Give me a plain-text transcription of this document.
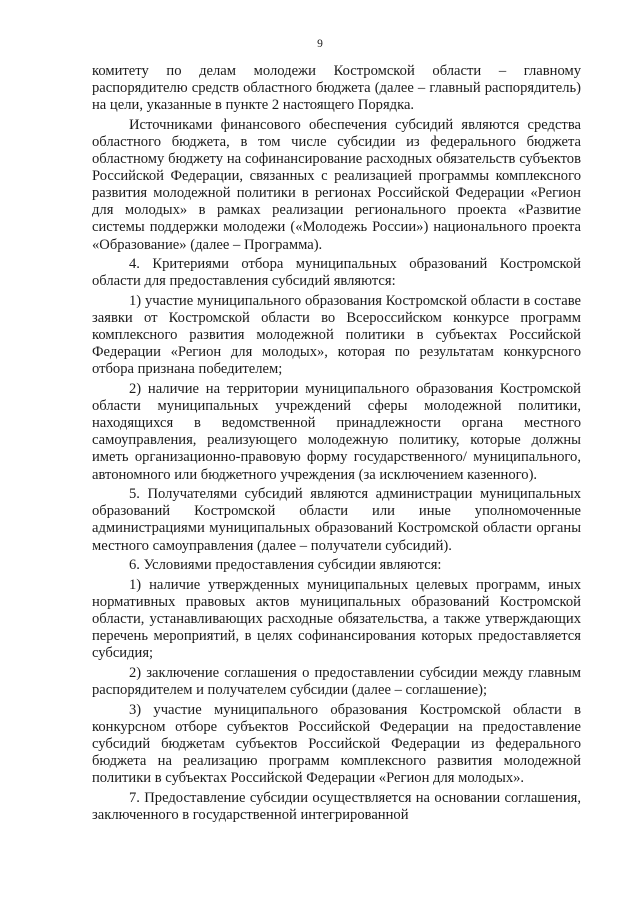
9

комитету по делам молодежи Костромской области – главному распорядителю средств областного бюджета (далее – главный распорядитель) на цели, указанные в пункте 2 настоящего Порядка.

Источниками финансового обеспечения субсидий являются средства областного бюджета, в том числе субсидии из федерального бюджета областному бюджету на софинансирование расходных обязательств субъектов Российской Федерации, связанных с реализацией программы комплексного развития молодежной политики в регионах Российской Федерации «Регион для молодых» в рамках реализации регионального проекта «Развитие системы поддержки молодежи («Молодежь России») национального проекта «Образование» (далее – Программа).

4. Критериями отбора муниципальных образований Костромской области для предоставления субсидий являются:

1) участие муниципального образования Костромской области в составе заявки от Костромской области во Всероссийском конкурсе программ комплексного развития молодежной политики в субъектах Российской Федерации «Регион для молодых», которая по результатам конкурсного отбора признана победителем;

2) наличие на территории муниципального образования Костромской области муниципальных учреждений сферы молодежной политики, находящихся в ведомственной принадлежности органа местного самоуправления, реализующего молодежную политику, которые должны иметь организационно-правовую форму государственного/ муниципального, автономного или бюджетного учреждения (за исключением казенного).

5. Получателями субсидий являются администрации муниципальных образований Костромской области или иные уполномоченные администрациями муниципальных образований Костромской области органы местного самоуправления (далее – получатели субсидий).

6. Условиями предоставления субсидии являются:

1) наличие утвержденных муниципальных целевых программ, иных нормативных правовых актов муниципальных образований Костромской области, устанавливающих расходные обязательства, а также утверждающих перечень мероприятий, в целях софинансирования которых предоставляется субсидия;

2) заключение соглашения о предоставлении субсидии между главным распорядителем и получателем субсидии (далее – соглашение);

3) участие муниципального образования Костромской области в конкурсном отборе субъектов Российской Федерации на предоставление субсидий бюджетам субъектов Российской Федерации из федерального бюджета на реализацию программ комплексного развития молодежной политики в субъектах Российской Федерации «Регион для молодых».

7. Предоставление субсидии осуществляется на основании соглашения, заключенного в государственной интегрированной
